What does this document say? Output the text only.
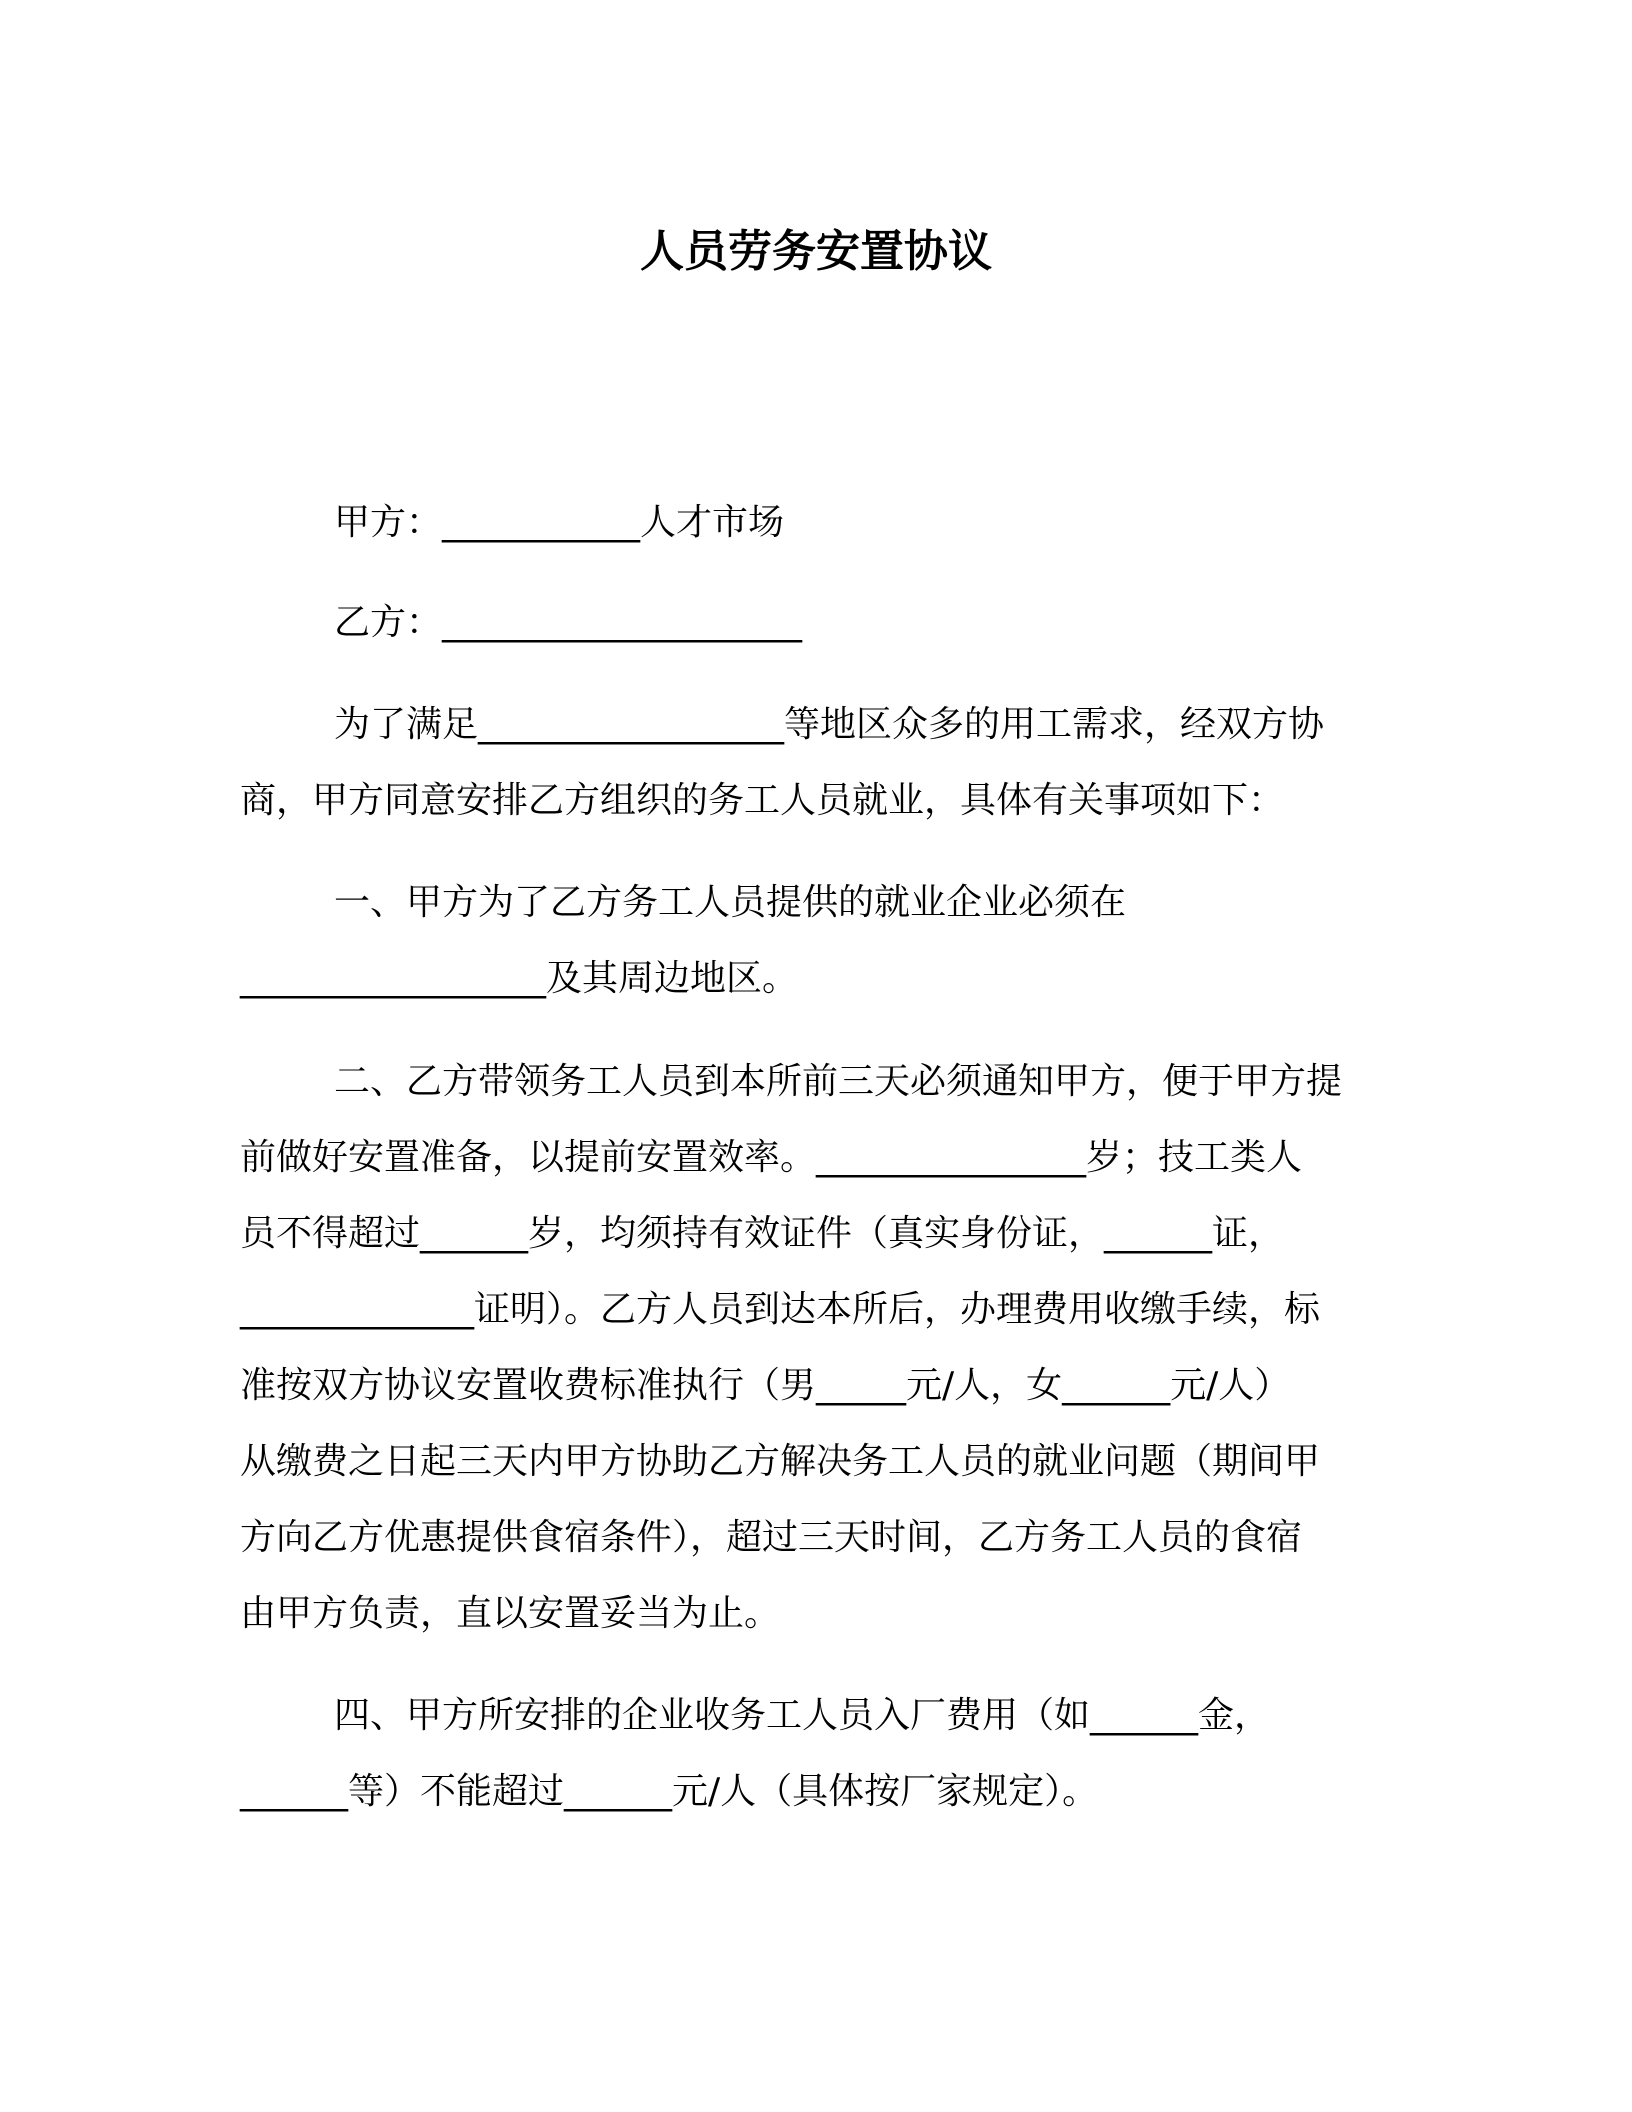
人员劳务安置协议
甲方：___________人才市场
乙方：____________________
为了满足_________________等地区众多的用工需求，经双方协
商，甲方同意安排乙方组织的务工人员就业，具体有关事项如下：
一、甲方为了乙方务工人员提供的就业企业必须在
_________________及其周边地区。
二、乙方带领务工人员到本所前三天必须通知甲方，便于甲方提
前做好安置准备，以提前安置效率。_______________岁；技工类人
员不得超过______岁，均须持有效证件（真实身份证，______证，
_____________证明）。乙方人员到达本所后，办理费用收缴手续，标
准按双方协议安置收费标准执行（男_____元/人，女______元/人）
从缴费之日起三天内甲方协助乙方解决务工人员的就业问题（期间甲
方向乙方优惠提供食宿条件），超过三天时间，乙方务工人员的食宿
由甲方负责，直以安置妥当为止。
四、甲方所安排的企业收务工人员入厂费用（如______金，
______等）不能超过______元/人（具体按厂家规定）。
